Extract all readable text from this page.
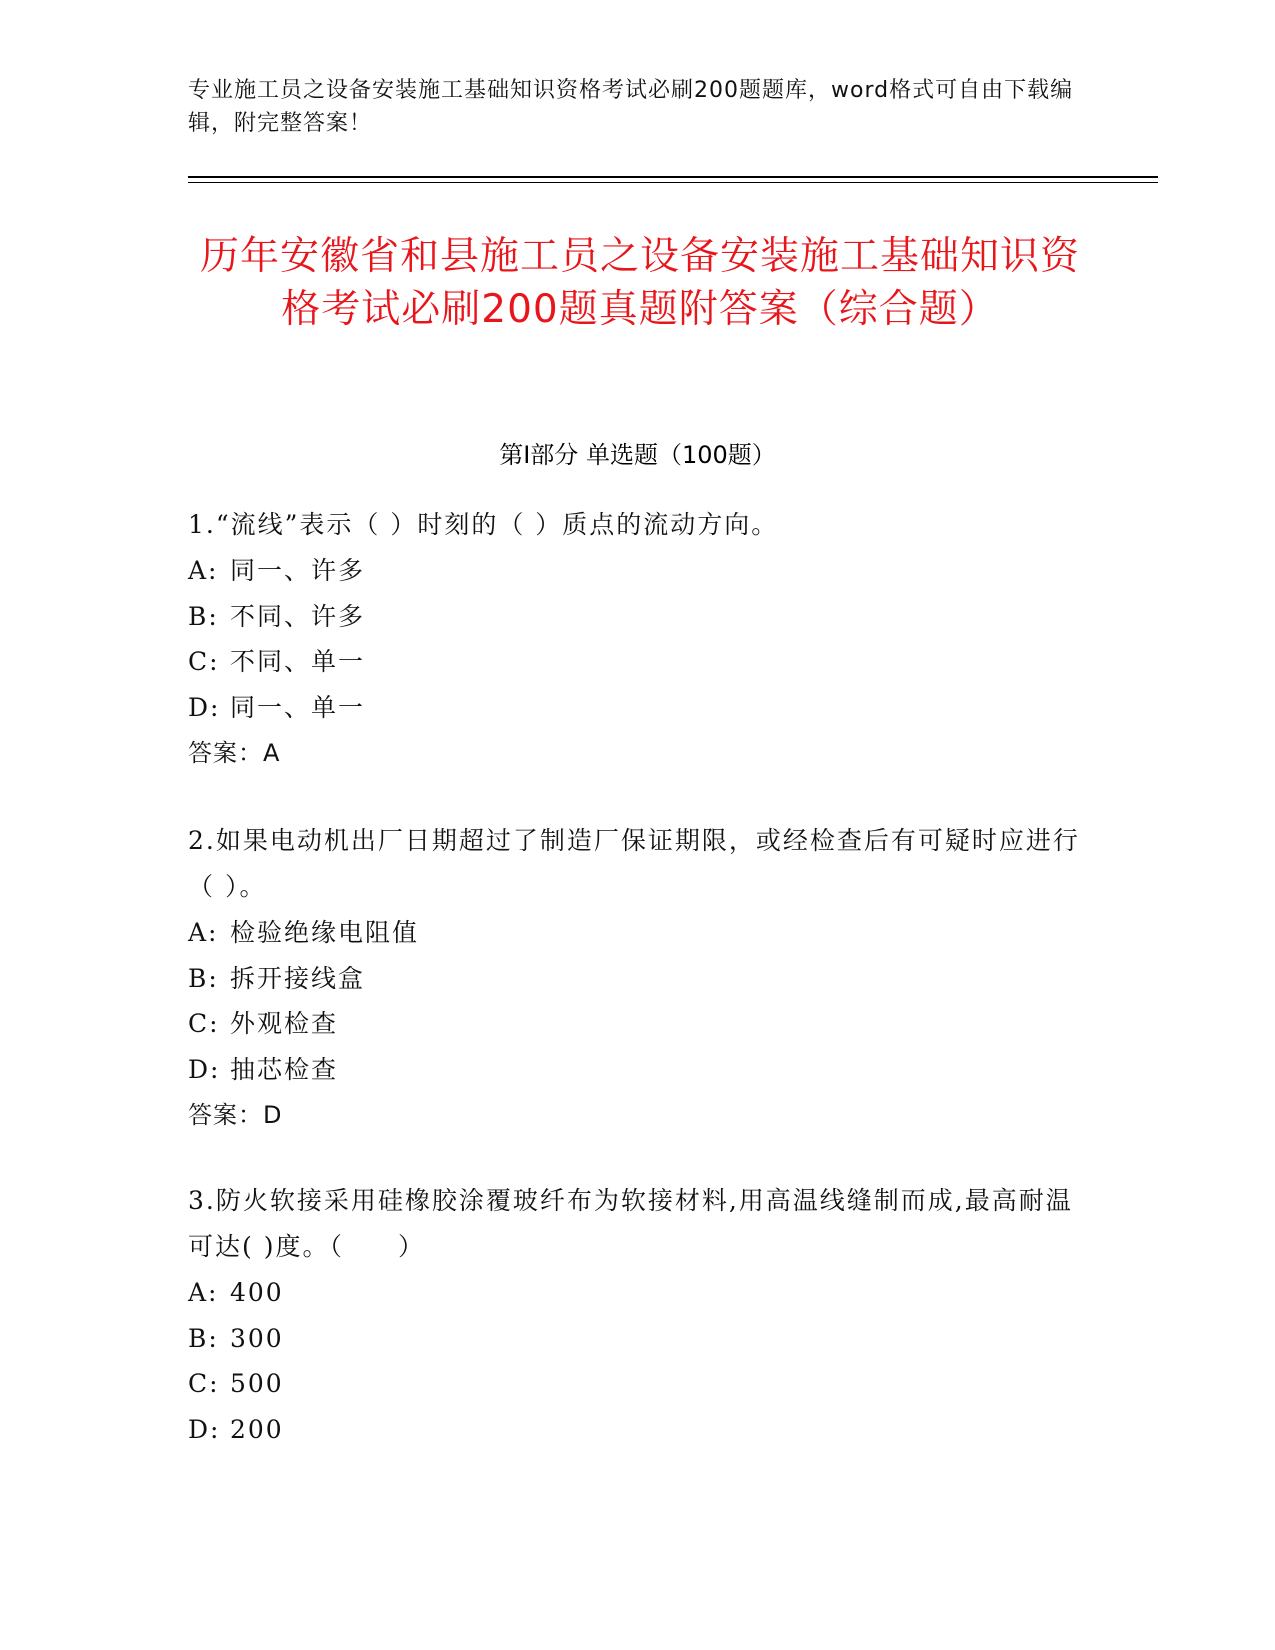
专业施工员之设备安装施工基础知识资格考试必刷200题题库，word格式可自由下载编辑，附完整答案！
历年安徽省和县施工员之设备安装施工基础知识资格考试必刷200题真题附答案（综合题）
第Ⅰ部分 单选题（100题）
1.“流线”表示（ ）时刻的（ ）质点的流动方向。
A: 同一、许多
B: 不同、许多
C: 不同、单一
D: 同一、单一
答案：A
2.如果电动机出厂日期超过了制造厂保证期限，或经检查后有可疑时应进行（ ）。
A: 检验绝缘电阻值
B: 拆开接线盒
C: 外观检查
D: 抽芯检查
答案：D
3.防火软接采用硅橡胶涂覆玻纤布为软接材料,用高温线缝制而成,最高耐温可达( )度。（　　）
A: 400
B: 300
C: 500
D: 200
